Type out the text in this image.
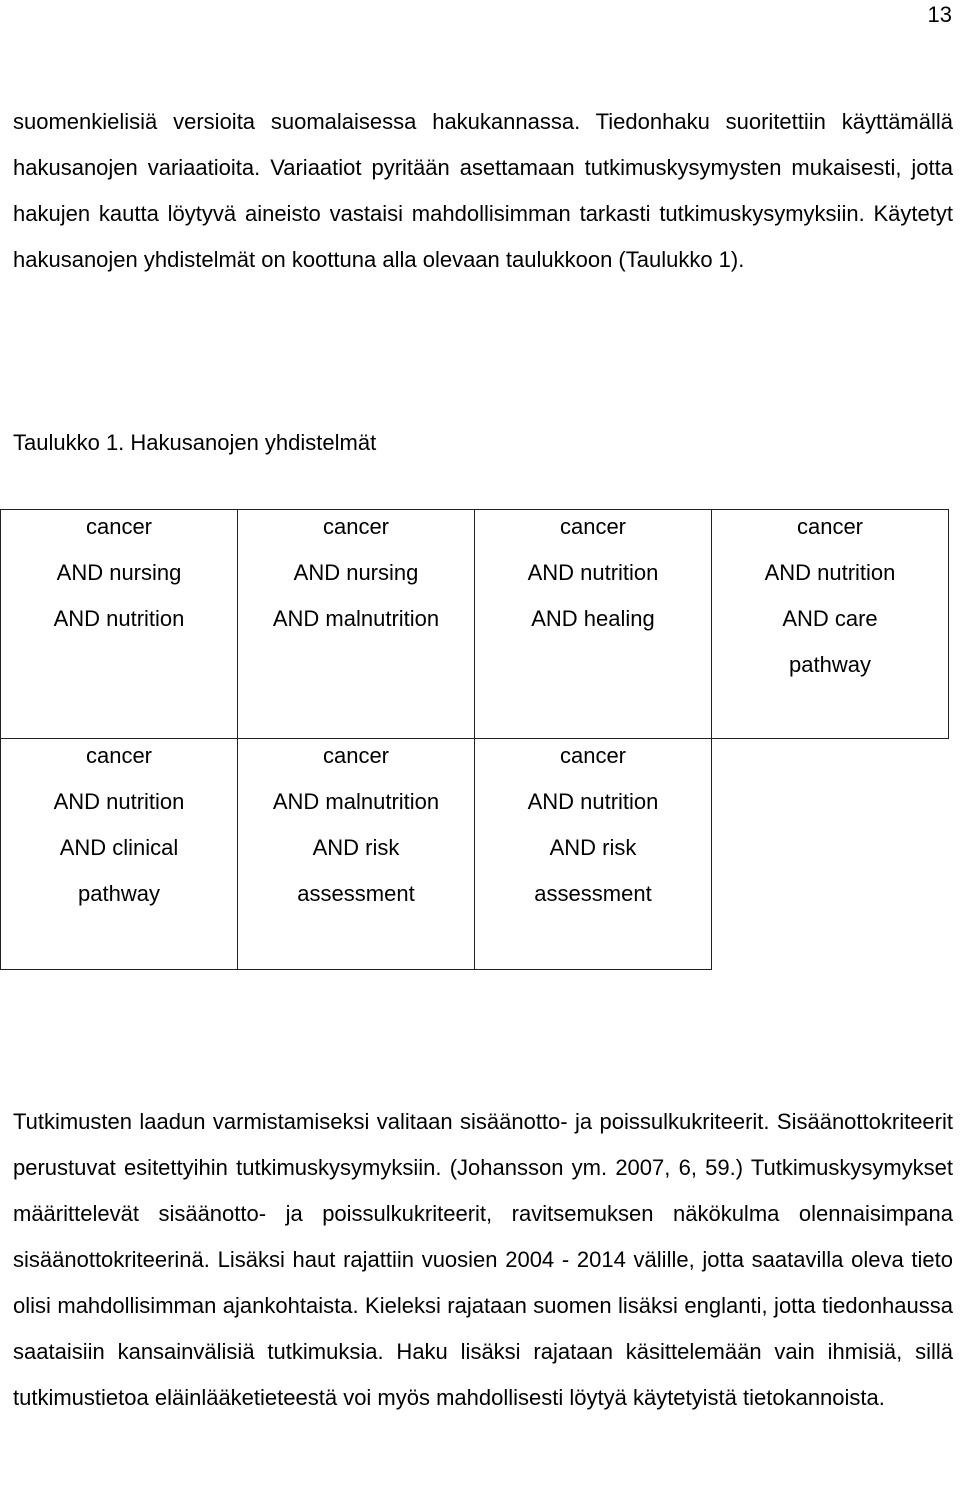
13

suomenkielisiä versioita suomalaisessa hakukannassa. Tiedonhaku suoritettiin käyttämällä hakusanojen variaatioita. Variaatiot pyritään asettamaan tutkimuskysymysten mukaisesti, jotta hakujen kautta löytyvä aineisto vastaisi mahdollisimman tarkasti tutkimuskysymyksiin. Käytetyt hakusanojen yhdistelmät on koottuna alla olevaan taulukkoon (Taulukko 1).

Taulukko 1. Hakusanojen yhdistelmät

cancer
AND nursing
AND nutrition	cancer
AND nursing
AND malnutrition	cancer
AND nutrition
AND healing	cancer
AND nutrition
AND care
pathway

cancer
AND nutrition
AND clinical
pathway	cancer
AND malnutrition
AND risk
assessment	cancer
AND nutrition
AND risk
assessment	

Tutkimusten laadun varmistamiseksi valitaan sisäänotto- ja poissulkukriteerit. Sisäänottokriteerit perustuvat esitettyihin tutkimuskysymyksiin. (Johansson ym. 2007, 6, 59.) Tutkimuskysymykset määrittelevät sisäänotto- ja poissulkukriteerit, ravitsemuksen näkökulma olennaisimpana sisäänottokriteerinä. Lisäksi haut rajattiin vuosien 2004 - 2014 välille, jotta saatavilla oleva tieto olisi mahdollisimman ajankohtaista. Kieleksi rajataan suomen lisäksi englanti, jotta tiedonhaussa saataisiin kansainvälisiä tutkimuksia. Haku lisäksi rajataan käsittelemään vain ihmisiä, sillä tutkimustietoa eläinlääketieteestä voi myös mahdollisesti löytyä käytetyistä tietokannoista.
